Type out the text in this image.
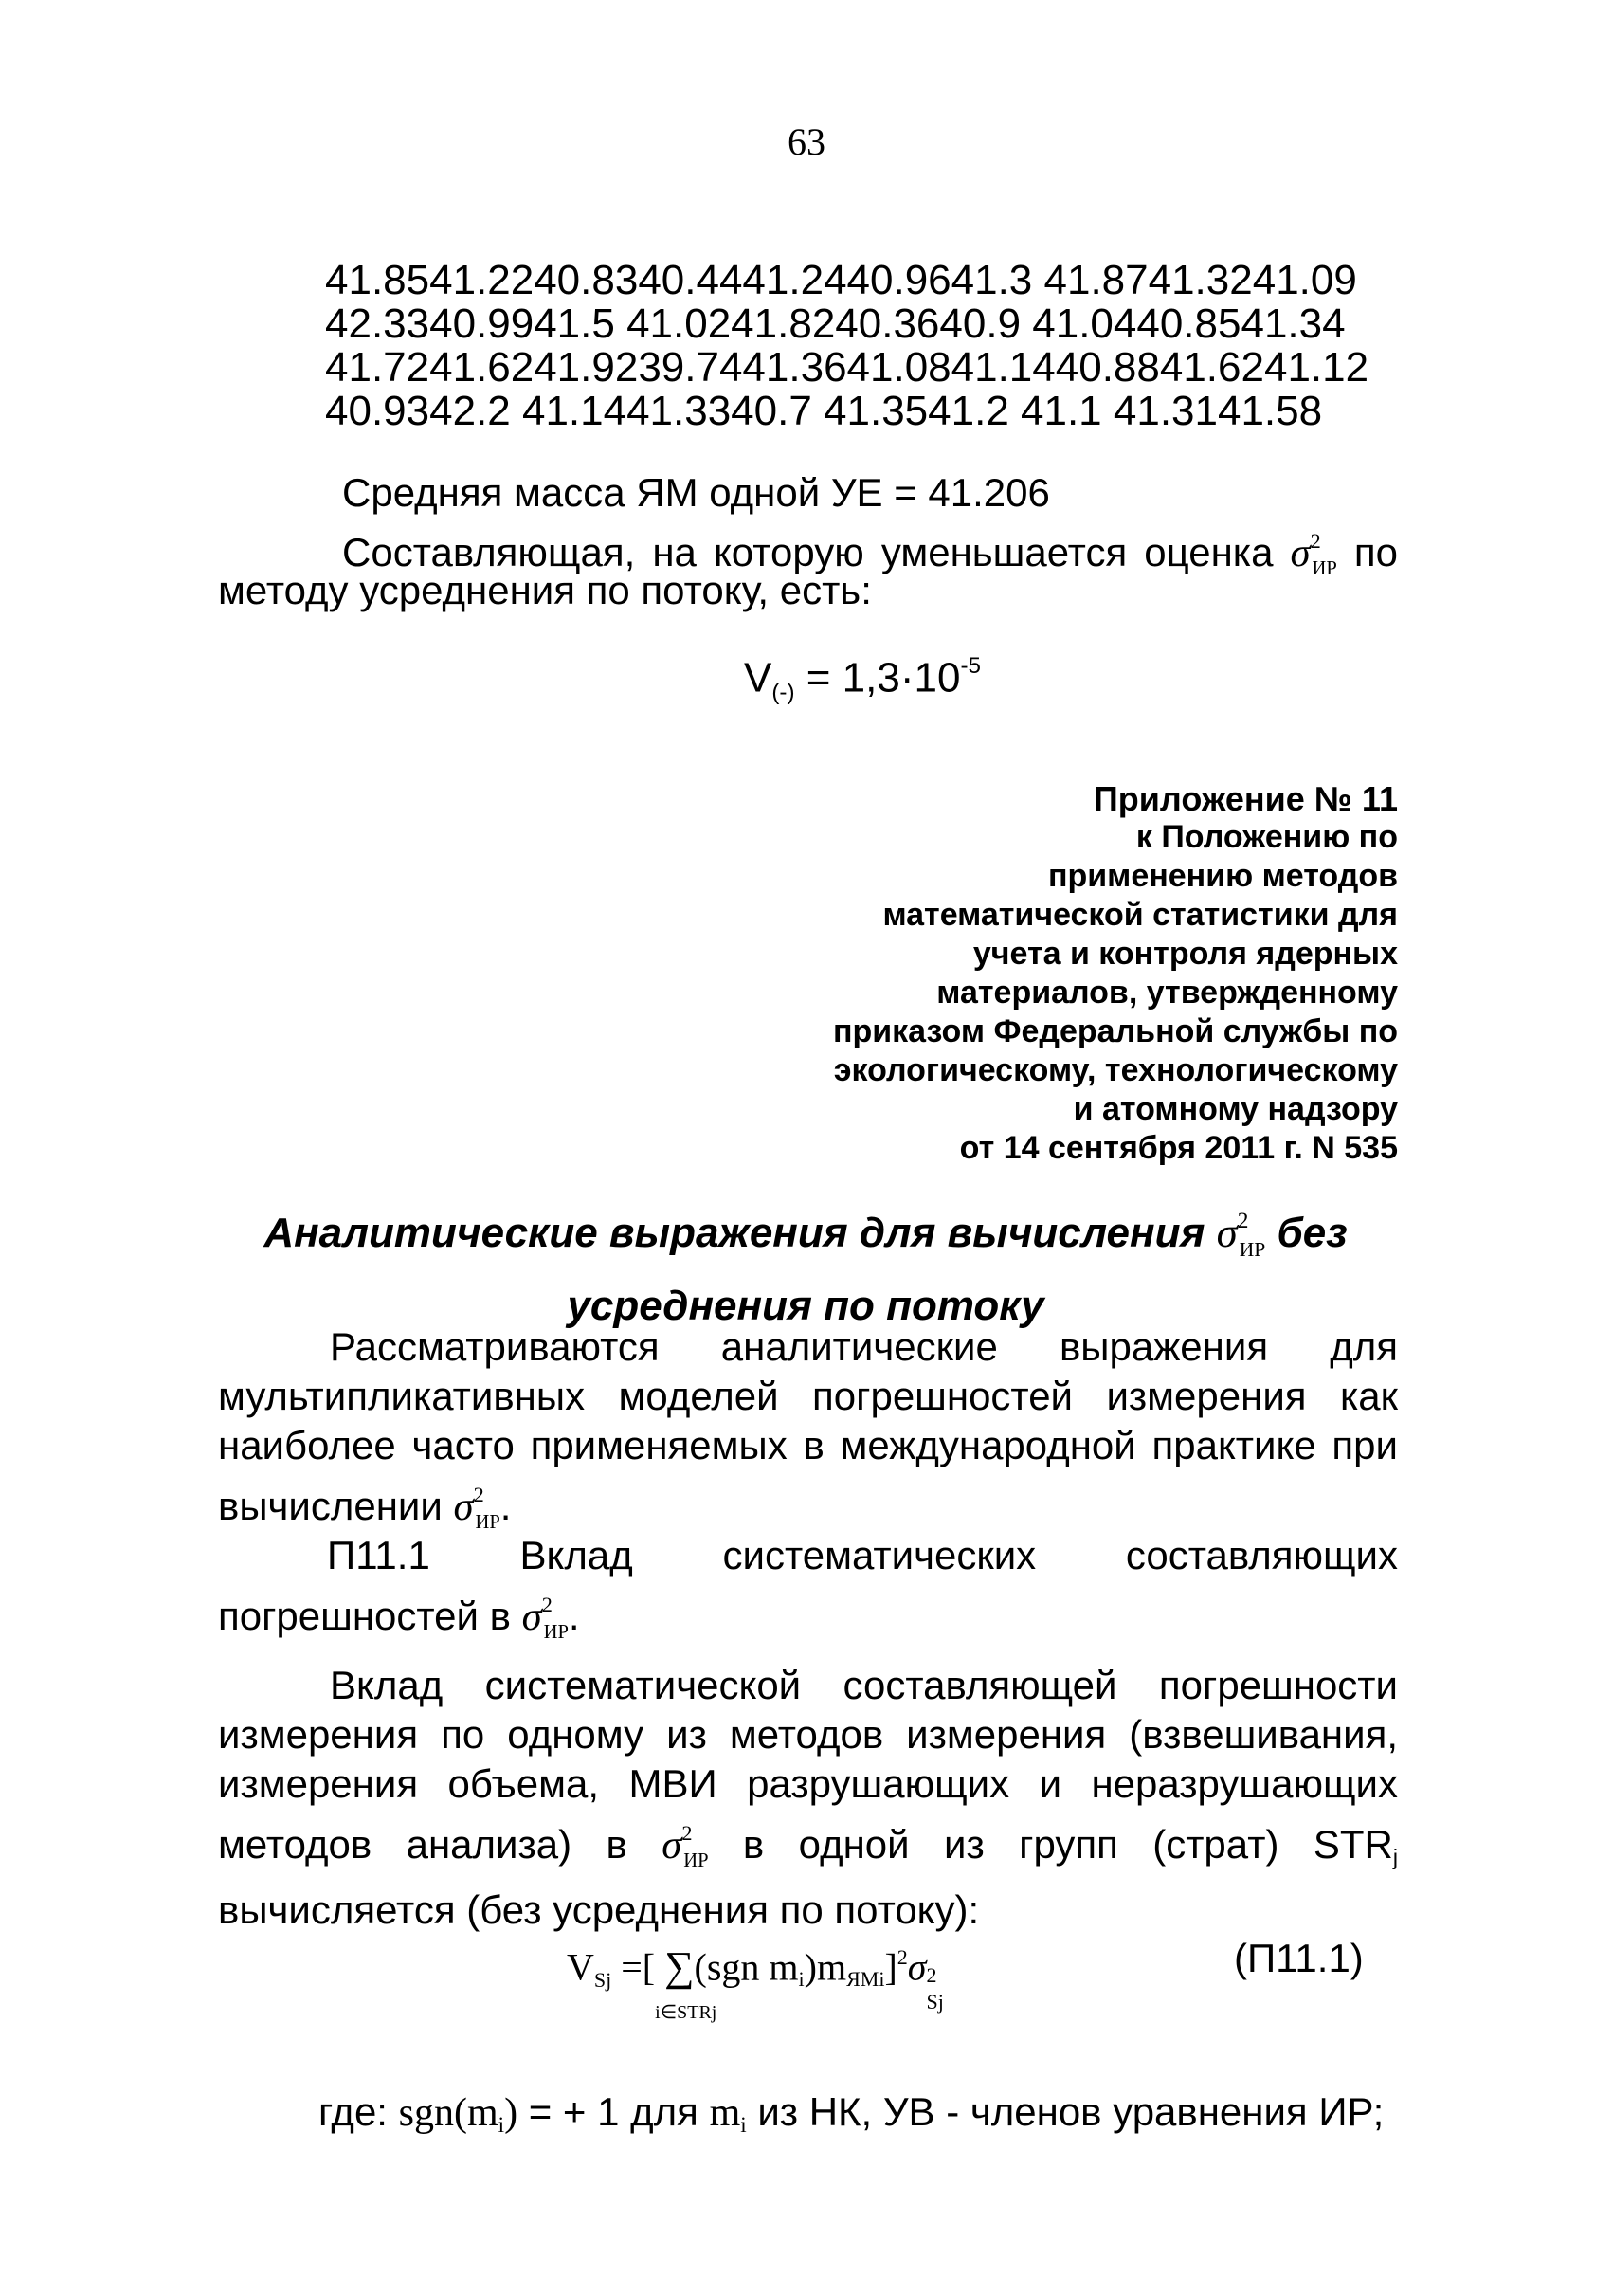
63
41.8541.2240.8340.4441.2440.9641.3 41.8741.3241.09
42.3340.9941.5 41.0241.8240.3640.9 41.0440.8541.34
41.7241.6241.9239.7441.3641.0841.1440.8841.6241.12
40.9342.2 41.1441.3340.7 41.3541.2 41.1 41.3141.58
Средняя масса ЯМ одной УЕ = 41.206
Составляющая, на которую уменьшается оценка $\sigma^2_{ИР}$ по
методу усреднения по потоку, есть:
$V(-) = 1,3\cdot 10^{-5}$
Приложение № 11
к Положению по
применению методов
математической статистики для
учета и контроля ядерных
материалов, утвержденному
приказом Федеральной службы по
экологическому, технологическому
и атомному надзору
от 14 сентября 2011 г. N 535
Аналитические выражения для вычисления $\sigma^2_{ИР}$ без
усреднения по потоку
Рассматриваются аналитические выражения для мультипликативных моделей погрешностей измерения как наиболее часто применяемых в международной практике при вычислении $\sigma^2_{ИР}$.
П11.1 Вклад систематических составляющих
погрешностей в $\sigma^2_{ИР}$.
Вклад систематической составляющей погрешности измерения по одному из методов измерения (взвешивания, измерения объема, МВИ разрушающих и неразрушающих методов анализа) в $\sigma^2_{ИР}$ в одной из групп (страт) STRj вычисляется (без усреднения по потоку):
VSj =[ ∑
i∈STRj
(sgn mi)mЯМi]$^2$σ 2
Sj
(П11.1)
где: sgn(mi) = + 1 для mi из НК, УВ - членов уравнения ИР;
